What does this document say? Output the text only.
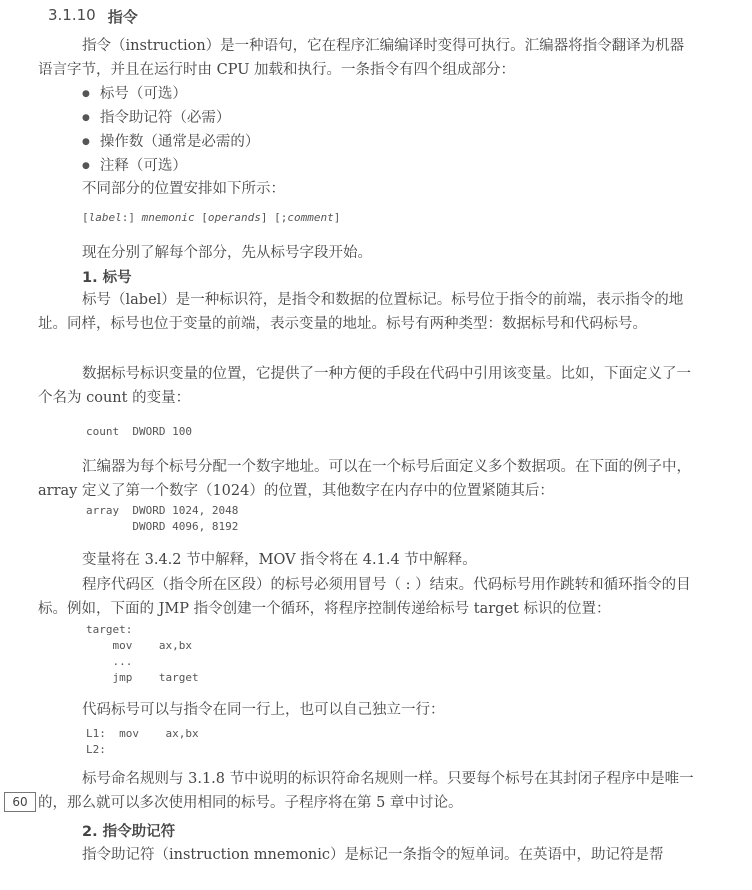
3.1.10 指令
指令（instruction）是一种语句，它在程序汇编编译时变得可执行。汇编器将指令翻译为机器语言字节，并且在运行时由 CPU 加载和执行。一条指令有四个组成部分：
● 标号（可选）
● 指令助记符（必需）
● 操作数（通常是必需的）
● 注释（可选）
不同部分的位置安排如下所示：
[label:] mnemonic [operands] [;comment]
现在分别了解每个部分，先从标号字段开始。
1. 标号
标号（label）是一种标识符，是指令和数据的位置标记。标号位于指令的前端，表示指令的地址。同样，标号也位于变量的前端，表示变量的地址。标号有两种类型：数据标号和代码标号。
数据标号标识变量的位置，它提供了一种方便的手段在代码中引用该变量。比如，下面定义了一个名为 count 的变量：
count  DWORD 100
汇编器为每个标号分配一个数字地址。可以在一个标号后面定义多个数据项。在下面的例子中，array 定义了第一个数字（1024）的位置，其他数字在内存中的位置紧随其后：
array  DWORD 1024, 2048
DWORD 4096, 8192
变量将在 3.4.2 节中解释，MOV 指令将在 4.1.4 节中解释。
程序代码区（指令所在区段）的标号必须用冒号（ : ）结束。代码标号用作跳转和循环指令的目标。例如，下面的 JMP 指令创建一个循环，将程序控制传递给标号 target 标识的位置：
target:
mov    ax,bx
...
jmp    target
代码标号可以与指令在同一行上，也可以自己独立一行：
L1:  mov    ax,bx
L2:
标号命名规则与 3.1.8 节中说明的标识符命名规则一样。只要每个标号在其封闭子程序中是唯一的，那么就可以多次使用相同的标号。子程序将在第 5 章中讨论。
60
2. 指令助记符
指令助记符（instruction mnemonic）是标记一条指令的短单词。在英语中，助记符是帮
